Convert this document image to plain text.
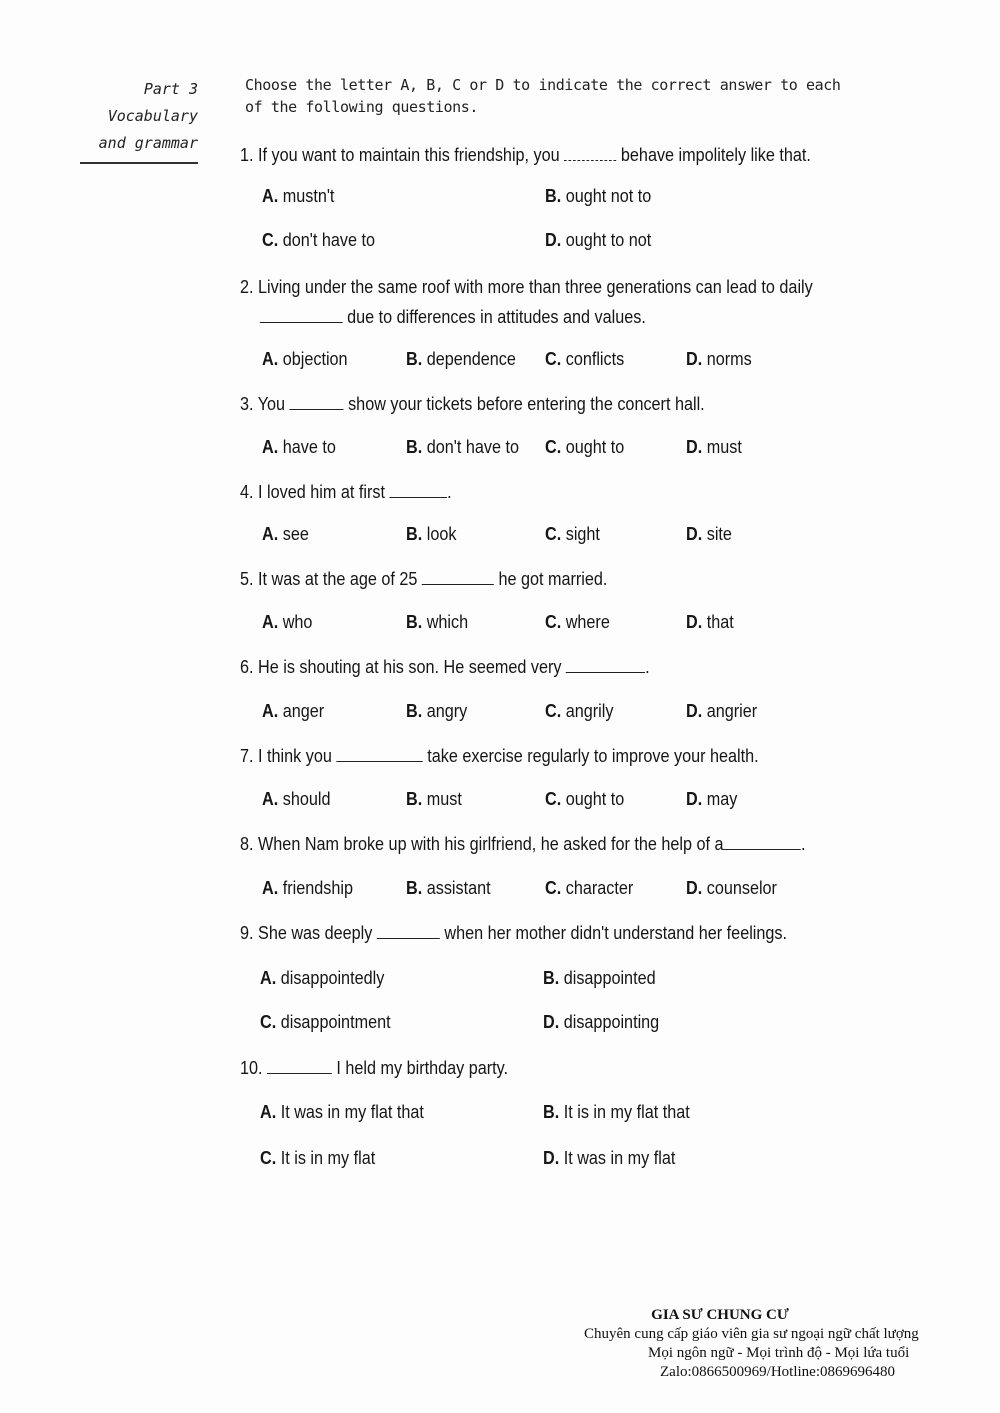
Part 3
Vocabulary
and grammar
Choose the letter A, B, C or D to indicate the correct answer to each of the following questions.
1. If you want to maintain this friendship, you	behave impolitely like that.
A. mustn't	B. ought not to
C. don't have to	D. ought to not
2. Living under the same roof with more than three generations can lead to daily
due to differences in attitudes and values.
A. objection	B. dependence C. conflicts	D. norms
3. You	show your tickets before entering the concert hall.
A. have to	B. don't have to C. ought to	D. must
4. I loved him at first	.
A. see	B. look	C. sight	D. site
5. It was at the age of 25	he got married.
A. who	B. which	C. where	D. that
6. He is shouting at his son. He seemed very	.
A. anger	B. angry	C. angrily	D. angrier
7. I think you	take exercise regularly to improve your health.
A. should	B. must	C. ought to	D. may
8. When Nam broke up with his girlfriend, he asked for the help of a	.
A. friendship	B. assistant	C. character	D. counselor
9. She was deeply	when her mother didn't understand her feelings.
A. disappointedly	B. disappointed
C. disappointment	D. disappointing
10.	I held my birthday party.
A. It was in my flat that	B. It is in my flat that
C. It is in my flat	D. It was in my flat
GIA SƯ CHUNG CƯ
Chuyên cung cấp giáo viên gia sư ngoại ngữ chất lượng
Mọi ngôn ngữ - Mọi trình độ - Mọi lứa tuổi
Zalo:0866500969/Hotline:0869696480
